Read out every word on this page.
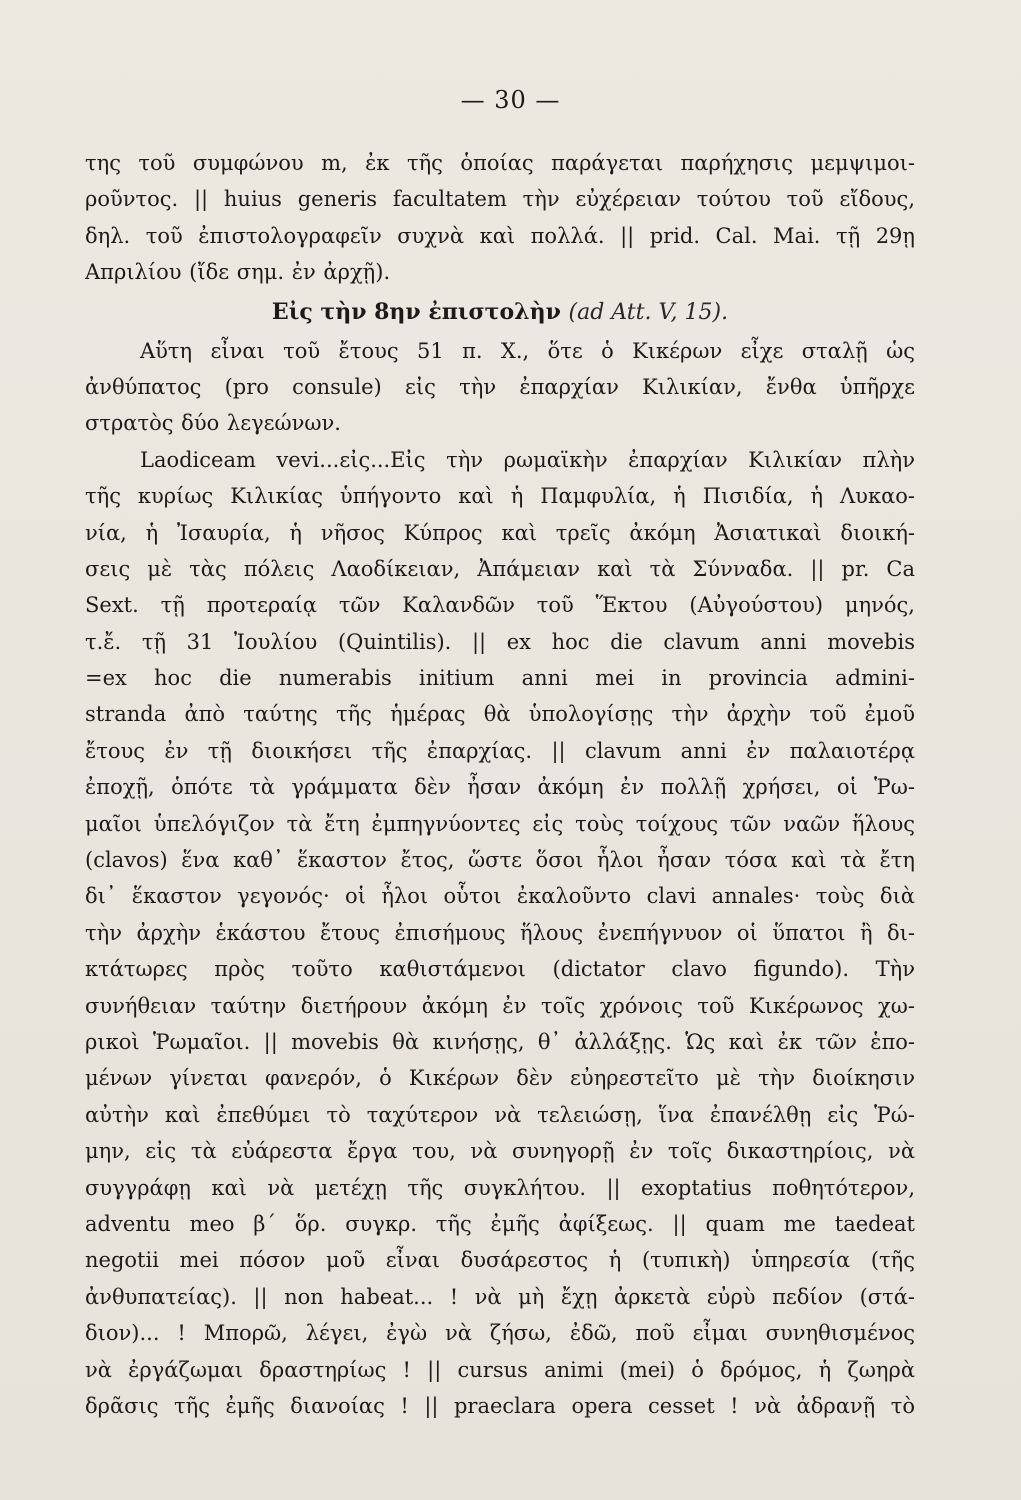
— 30 —
της τοῦ συμφώνου m, ἐκ τῆς ὁποίας παράγεται παρήχησις μεμψιμοι-
ροῦντος. || huius generis facultatem τὴν εὐχέρειαν τούτου τοῦ εἴδους,
δηλ. τοῦ ἐπιστολογραφεῖν συχνὰ καὶ πολλά. || prid. Cal. Mai. τῇ 29ῃ
Απριλίου (ἴδε σημ. ἐν ἀρχῇ).
Εἰς τὴν 8ην ἐπιστολὴν (ad Att. V, 15).
Αὕτη εἶναι τοῦ ἔτους 51 π. Χ., ὅτε ὁ Κικέρων εἶχε σταλῇ ὡς
ἀνθύπατος (pro consule) εἰς τὴν ἐπαρχίαν Κιλικίαν, ἔνθα ὑπῆρχε
στρατὸς δύο λεγεώνων.
Laodiceam vevi...εἰς...Εἰς τὴν ρωμαϊκὴν ἐπαρχίαν Κιλικίαν πλὴν
τῆς κυρίως Κιλικίας ὑπήγοντο καὶ ἡ Παμφυλία, ἡ Πισιδία, ἡ Λυκαο-
νία, ἡ Ἰσαυρία, ἡ νῆσος Κύπρος καὶ τρεῖς ἀκόμη Ἀσιατικαὶ διοική-
σεις μὲ τὰς πόλεις Λαοδίκειαν, Ἀπάμειαν καὶ τὰ Σύνναδα. || pr. Ca
Sext. τῇ προτεραίᾳ τῶν Καλανδῶν τοῦ Ἕκτου (Αὐγούστου) μηνός,
τ.ἔ. τῇ 31 Ἰουλίου (Quintilis). || ex hoc die clavum anni movebis
=ex hoc die numerabis initium anni mei in provincia admini-
stranda ἀπὸ ταύτης τῆς ἡμέρας θὰ ὑπολογίσῃς τὴν ἀρχὴν τοῦ ἐμοῦ
ἔτους ἐν τῇ διοικήσει τῆς ἐπαρχίας. || clavum anni ἐν παλαιοτέρᾳ
ἐποχῇ, ὁπότε τὰ γράμματα δὲν ἦσαν ἀκόμη ἐν πολλῇ χρήσει, οἱ Ῥω-
μαῖοι ὑπελόγιζον τὰ ἔτη ἐμπηγνύοντες εἰς τοὺς τοίχους τῶν ναῶν ἥλους
(clavos) ἕνα καθ᾽ ἕκαστον ἔτος, ὥστε ὅσοι ἧλοι ἦσαν τόσα καὶ τὰ ἔτη
δι᾽ ἕκαστον γεγονός· οἱ ἧλοι οὗτοι ἐκαλοῦντο clavi annales· τοὺς διὰ
τὴν ἀρχὴν ἑκάστου ἔτους ἐπισήμους ἥλους ἐνεπήγνυον οἱ ὕπατοι ἢ δι-
κτάτωρες πρὸς τοῦτο καθιστάμενοι (dictator clavo figundo). Τὴν
συνήθειαν ταύτην διετήρουν ἀκόμη ἐν τοῖς χρόνοις τοῦ Κικέρωνος χω-
ρικοὶ Ῥωμαῖοι. || movebis θὰ κινήσῃς, θ᾽ ἀλλάξῃς. Ὡς καὶ ἐκ τῶν ἑπο-
μένων γίνεται φανερόν, ὁ Κικέρων δὲν εὐηρεστεῖτο μὲ τὴν διοίκησιν
αὐτὴν καὶ ἐπεθύμει τὸ ταχύτερον νὰ τελειώσῃ, ἵνα ἐπανέλθῃ εἰς Ῥώ-
μην, εἰς τὰ εὐάρεστα ἔργα του, νὰ συνηγορῇ ἐν τοῖς δικαστηρίοις, νὰ
συγγράφῃ καὶ νὰ μετέχῃ τῆς συγκλήτου. || exoptatius ποθητότερον,
adventu meo β´ ὅρ. συγκρ. τῆς ἐμῆς ἀφίξεως. || quam me taedeat
negotii mei πόσον μοῦ εἶναι δυσάρεστος ἡ (τυπικὴ) ὑπηρεσία (τῆς
ἀνθυπατείας). || non habeat... ! νὰ μὴ ἔχῃ ἀρκετὰ εὐρὺ πεδίον (στά-
διον)... ! Μπορῶ, λέγει, ἐγὼ νὰ ζήσω, ἐδῶ, ποῦ εἶμαι συνηθισμένος
νὰ ἐργάζωμαι δραστηρίως ! || cursus animi (mei) ὁ δρόμος, ἡ ζωηρὰ
δρᾶσις τῆς ἐμῆς διανοίας ! || praeclara opera cesset ! νὰ ἀδρανῇ τὸ
